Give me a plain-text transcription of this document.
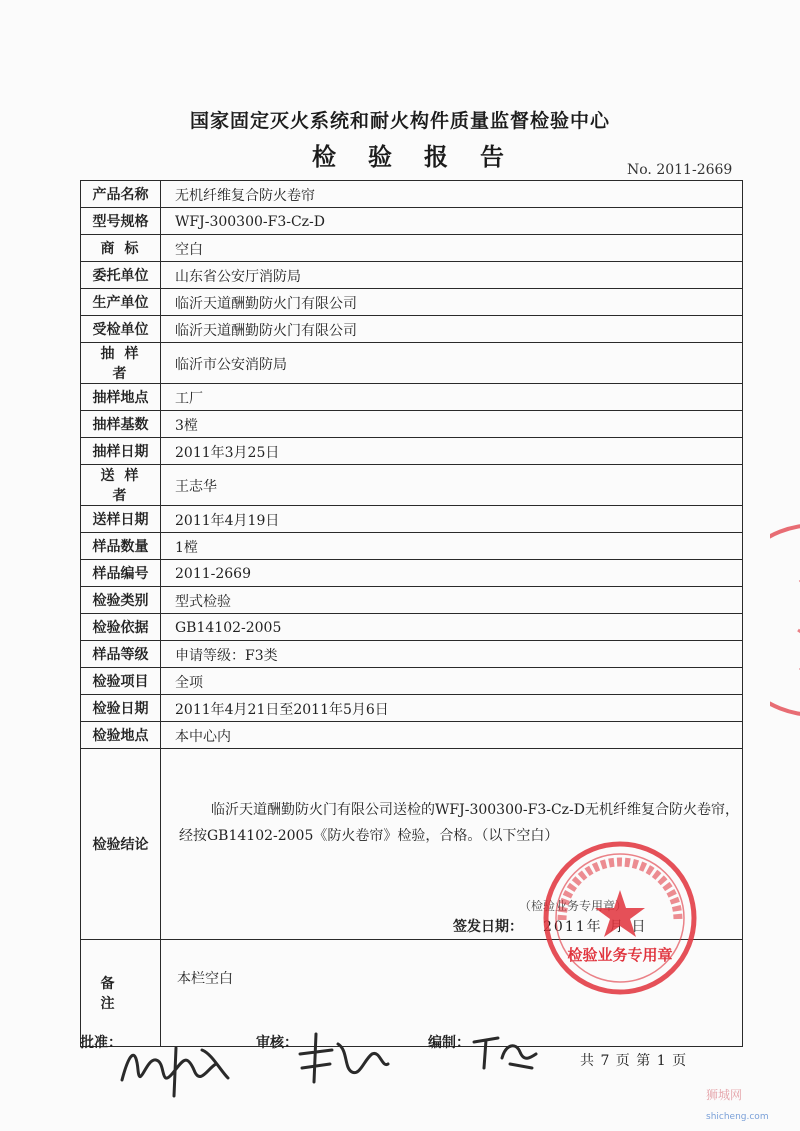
国家固定灭火系统和耐火构件质量监督检验中心
检验报告	No. 2011-2669
产品名称	无机纤维复合防火卷帘
型号规格	WFJ-300300-F3-Cz-D
商标	空白
委托单位	山东省公安厅消防局
生产单位	临沂天道酬勤防火门有限公司
受检单位	临沂天道酬勤防火门有限公司
抽样者	临沂市公安消防局
抽样地点	工厂
抽样基数	3樘
抽样日期	2011年3月25日
送样者	王志华
送样日期	2011年4月19日
样品数量	1樘
样品编号	2011-2669
检验类别	型式检验
检验依据	GB14102-2005
样品等级	申请等级：F3类
检验项目	全项
检验日期	2011年4月21日至2011年5月6日
检验地点	本中心内
检验结论	临沂天道酬勤防火门有限公司送检的WFJ-300300-F3-Cz-D无机纤维复合防火卷帘，经按GB14102-2005《防火卷帘》检验，合格。（以下空白）
（检验业务专用章）
签发日期： 2011年 月 日

备注	本栏空白
检验业务专用章
批准：	审核：	编制：
共 7 页 第 1 页
狮城网
shicheng.com
